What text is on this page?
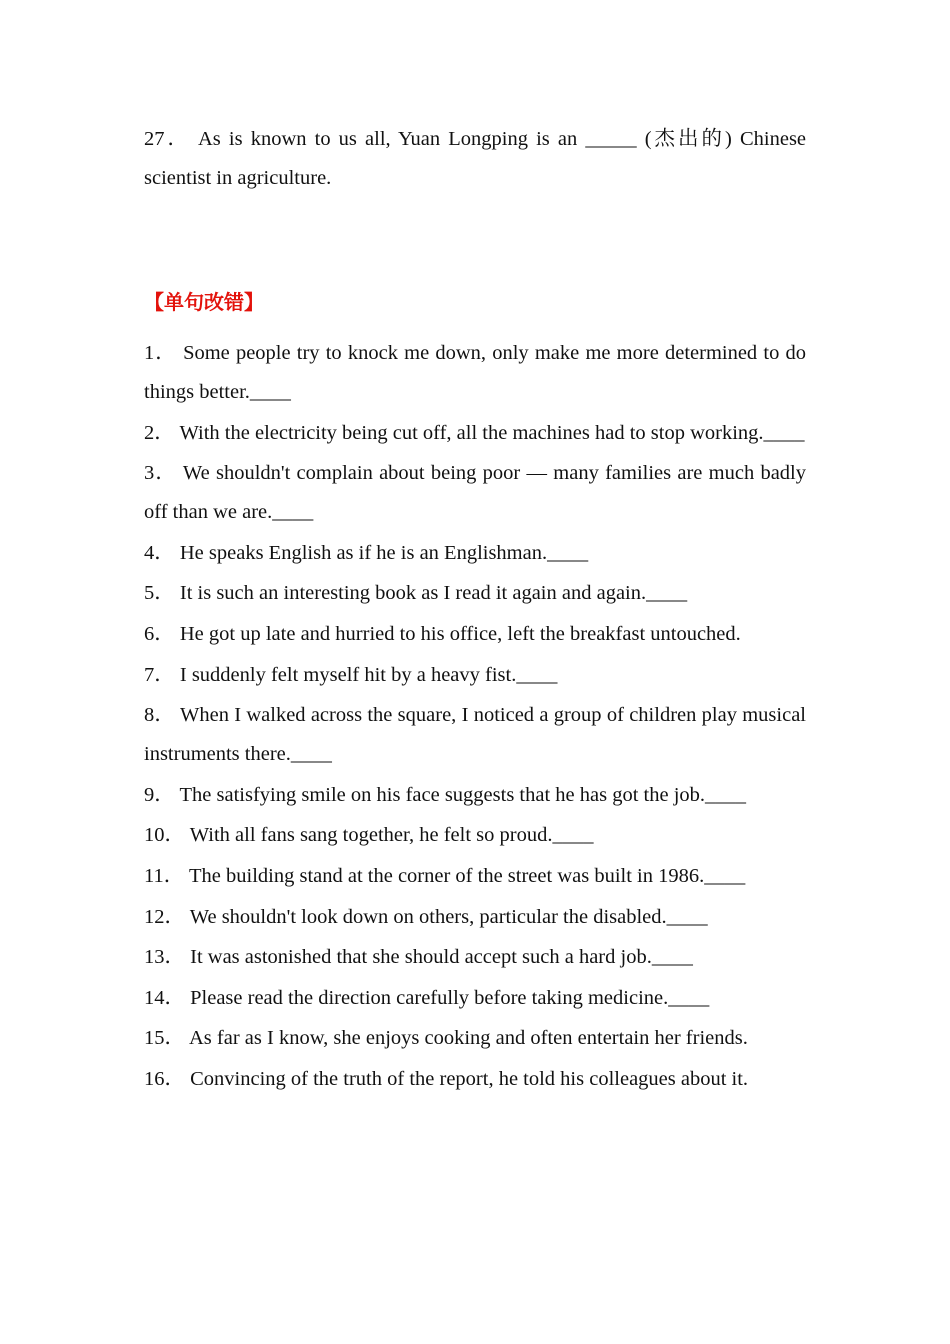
27． As is known to us all, Yuan Longping is an _____ (杰出的) Chinese scientist in agriculture.

【单句改错】

1． Some people try to knock me down, only make me more determined to do things better.____

2． With the electricity being cut off, all the machines had to stop working.____

3． We shouldn't complain about being poor — many families are much badly off than we are.____

4． He speaks English as if he is an Englishman.____

5． It is such an interesting book as I read it again and again.____

6． He got up late and hurried to his office, left the breakfast untouched.

7． I suddenly felt myself hit by a heavy fist.____

8． When I walked across the square, I noticed a group of children play musical instruments there.____

9． The satisfying smile on his face suggests that he has got the job.____

10． With all fans sang together, he felt so proud.____

11． The building stand at the corner of the street was built in 1986.____

12． We shouldn't look down on others, particular the disabled.____

13． It was astonished that she should accept such a hard job.____

14． Please read the direction carefully before taking medicine.____

15． As far as I know, she enjoys cooking and often entertain her friends.

16． Convincing of the truth of the report, he told his colleagues about it.
